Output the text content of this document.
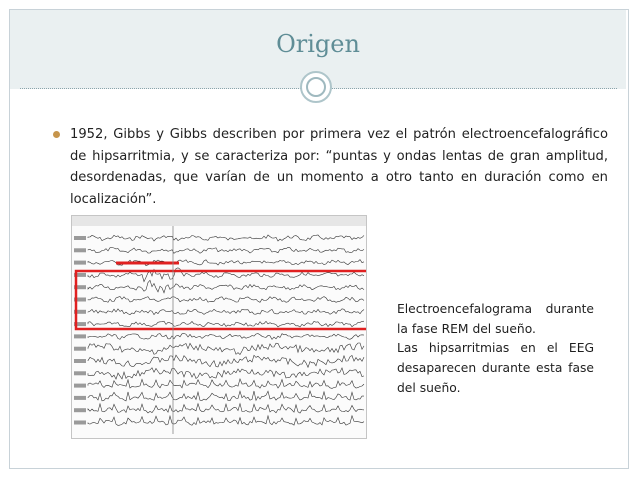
Origen
1952, Gibbs y Gibbs describen por primera vez el patrón electroencefalográfico de hipsarritmia, y se caracteriza por: “puntas y ondas lentas de gran amplitud, desordenadas, que varían de un momento a otro tanto en duración como en localización”.

Electroencefalograma durante la fase REM del sueño.

Las hipsarritmias en el EEG desaparecen durante esta fase del sueño.
